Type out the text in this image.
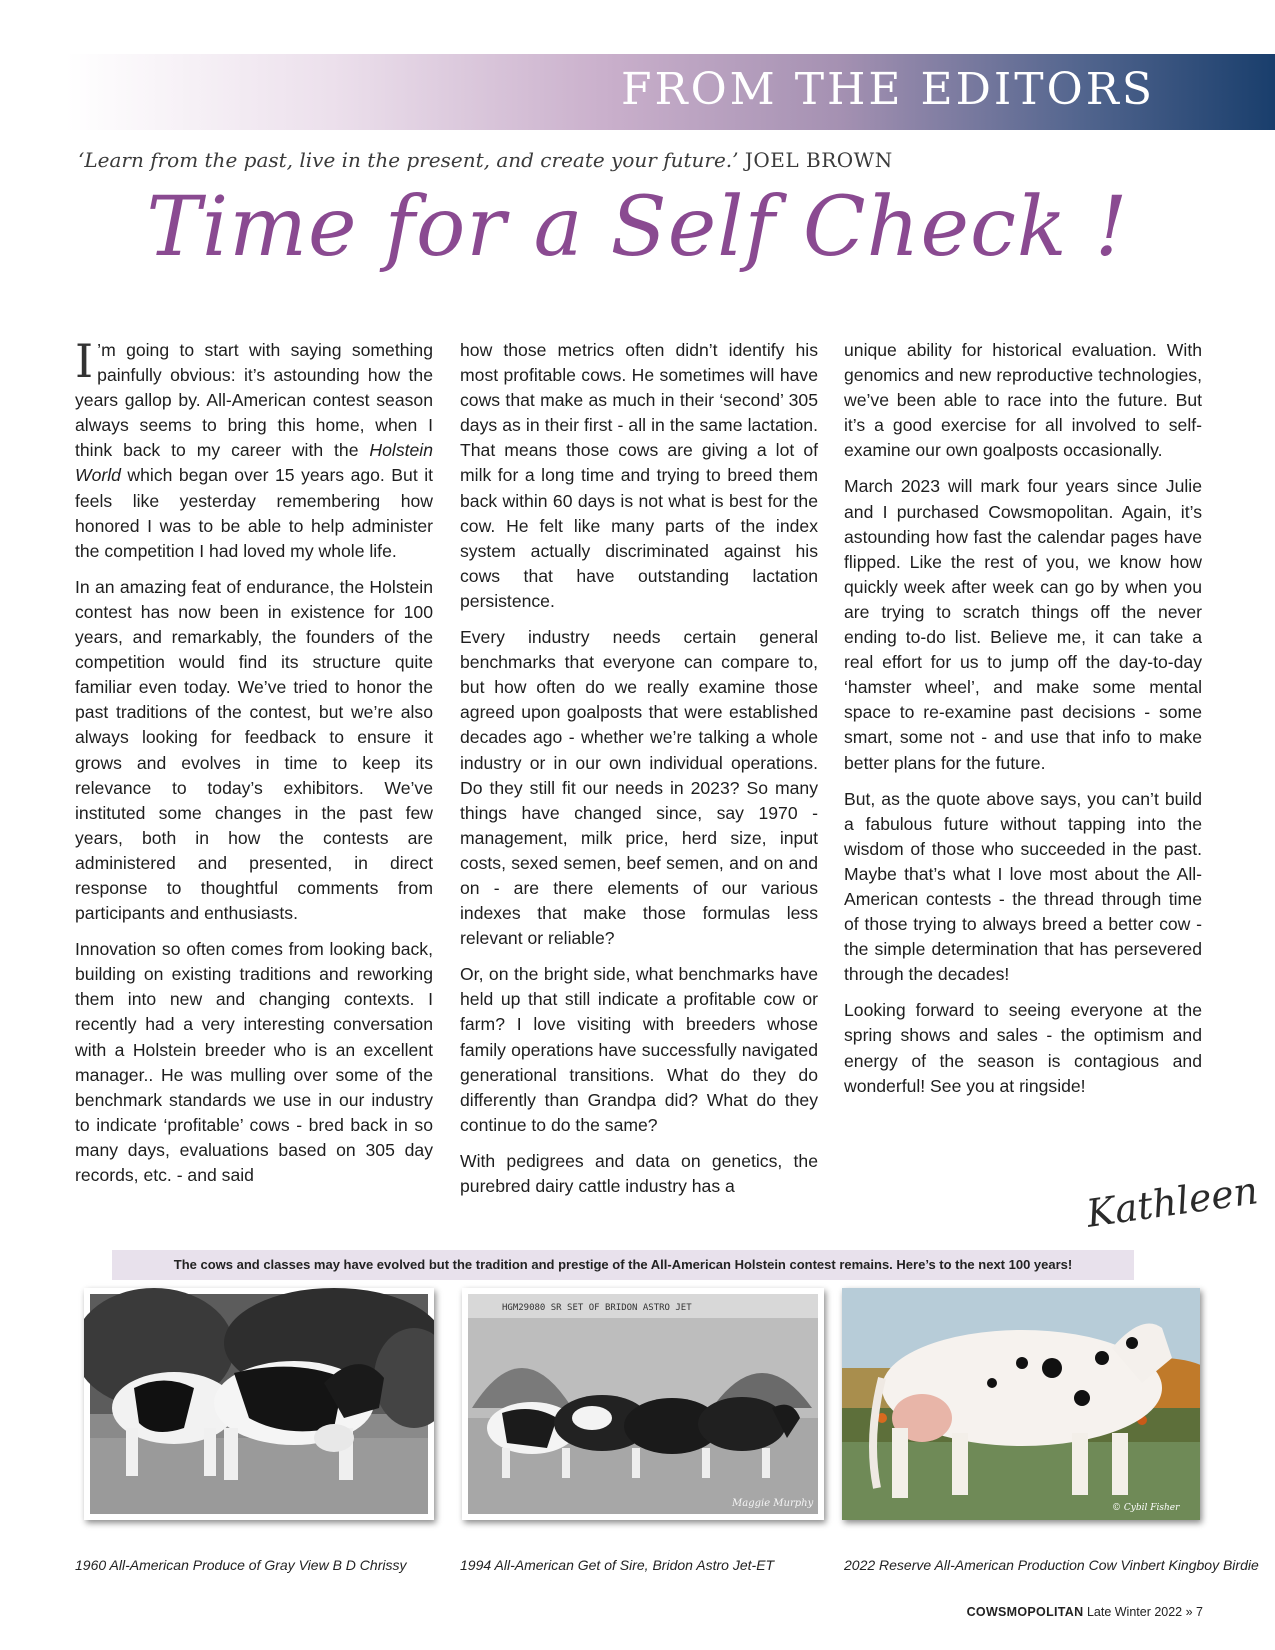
FROM THE EDITORS
‘Learn from the past, live in the present, and create your future.’ JOEL BROWN
Time for a Self Check !

I ’m going to start with saying something painfully obvious: it’s astounding how the years gallop by. All-American contest season always seems to bring this home, when I think back to my career with the Holstein World which began over 15 years ago. But it feels like yesterday remembering how honored I was to be able to help administer the competition I had loved my whole life.

In an amazing feat of endurance, the Holstein contest has now been in existence for 100 years, and remarkably, the founders of the competition would find its structure quite familiar even today. We’ve tried to honor the past traditions of the contest, but we’re also always looking for feedback to ensure it grows and evolves in time to keep its relevance to today’s exhibitors. We’ve instituted some changes in the past few years, both in how the contests are administered and presented, in direct response to thoughtful comments from participants and enthusiasts.

Innovation so often comes from looking back, building on existing traditions and reworking them into new and changing contexts. I recently had a very interesting conversation with a Holstein breeder who is an excellent manager.. He was mulling over some of the benchmark standards we use in our industry to indicate ‘profitable’ cows - bred back in so many days, evaluations based on 305 day records, etc. - and said

how those metrics often didn’t identify his most profitable cows. He sometimes will have cows that make as much in their ‘second’ 305 days as in their first - all in the same lactation. That means those cows are giving a lot of milk for a long time and trying to breed them back within 60 days is not what is best for the cow. He felt like many parts of the index system actually discriminated against his cows that have outstanding lactation persistence.

Every industry needs certain general benchmarks that everyone can compare to, but how often do we really examine those agreed upon goalposts that were established decades ago - whether we’re talking a whole industry or in our own individual operations. Do they still fit our needs in 2023? So many things have changed since, say 1970 - management, milk price, herd size, input costs, sexed semen, beef semen, and on and on - are there elements of our various indexes that make those formulas less relevant or reliable?

Or, on the bright side, what benchmarks have held up that still indicate a profitable cow or farm? I love visiting with breeders whose family operations have successfully navigated generational transitions. What do they do differently than Grandpa did? What do they continue to do the same?

With pedigrees and data on genetics, the purebred dairy cattle industry has a

unique ability for historical evaluation. With genomics and new reproductive technologies, we’ve been able to race into the future. But it’s a good exercise for all involved to self-examine our own goalposts occasionally.

March 2023 will mark four years since Julie and I purchased Cowsmopolitan. Again, it’s astounding how fast the calendar pages have flipped. Like the rest of you, we know how quickly week after week can go by when you are trying to scratch things off the never ending to-do list. Believe me, it can take a real effort for us to jump off the day-to-day ‘hamster wheel’, and make some mental space to re-examine past decisions - some smart, some not - and use that info to make better plans for the future.

But, as the quote above says, you can’t build a fabulous future without tapping into the wisdom of those who succeeded in the past. Maybe that’s what I love most about the All-American contests - the thread through time of those trying to always breed a better cow - the simple determination that has persevered through the decades!

Looking forward to seeing everyone at the spring shows and sales - the optimism and energy of the season is contagious and wonderful! See you at ringside!

Kathleen
The cows and classes may have evolved but the tradition and prestige of the All-American Holstein contest remains. Here’s to the next 100 years!
HGM29080 SR SET OF BRIDON ASTRO JET
Maggie Murphy	© Cybil Fisher
1960 All-American Produce of Gray View B D Chrissy	1994 All-American Get of Sire, Bridon Astro Jet-ET	2022 Reserve All-American Production Cow Vinbert Kingboy Birdie
COWSMOPOLITAN Late Winter 2022 » 7
